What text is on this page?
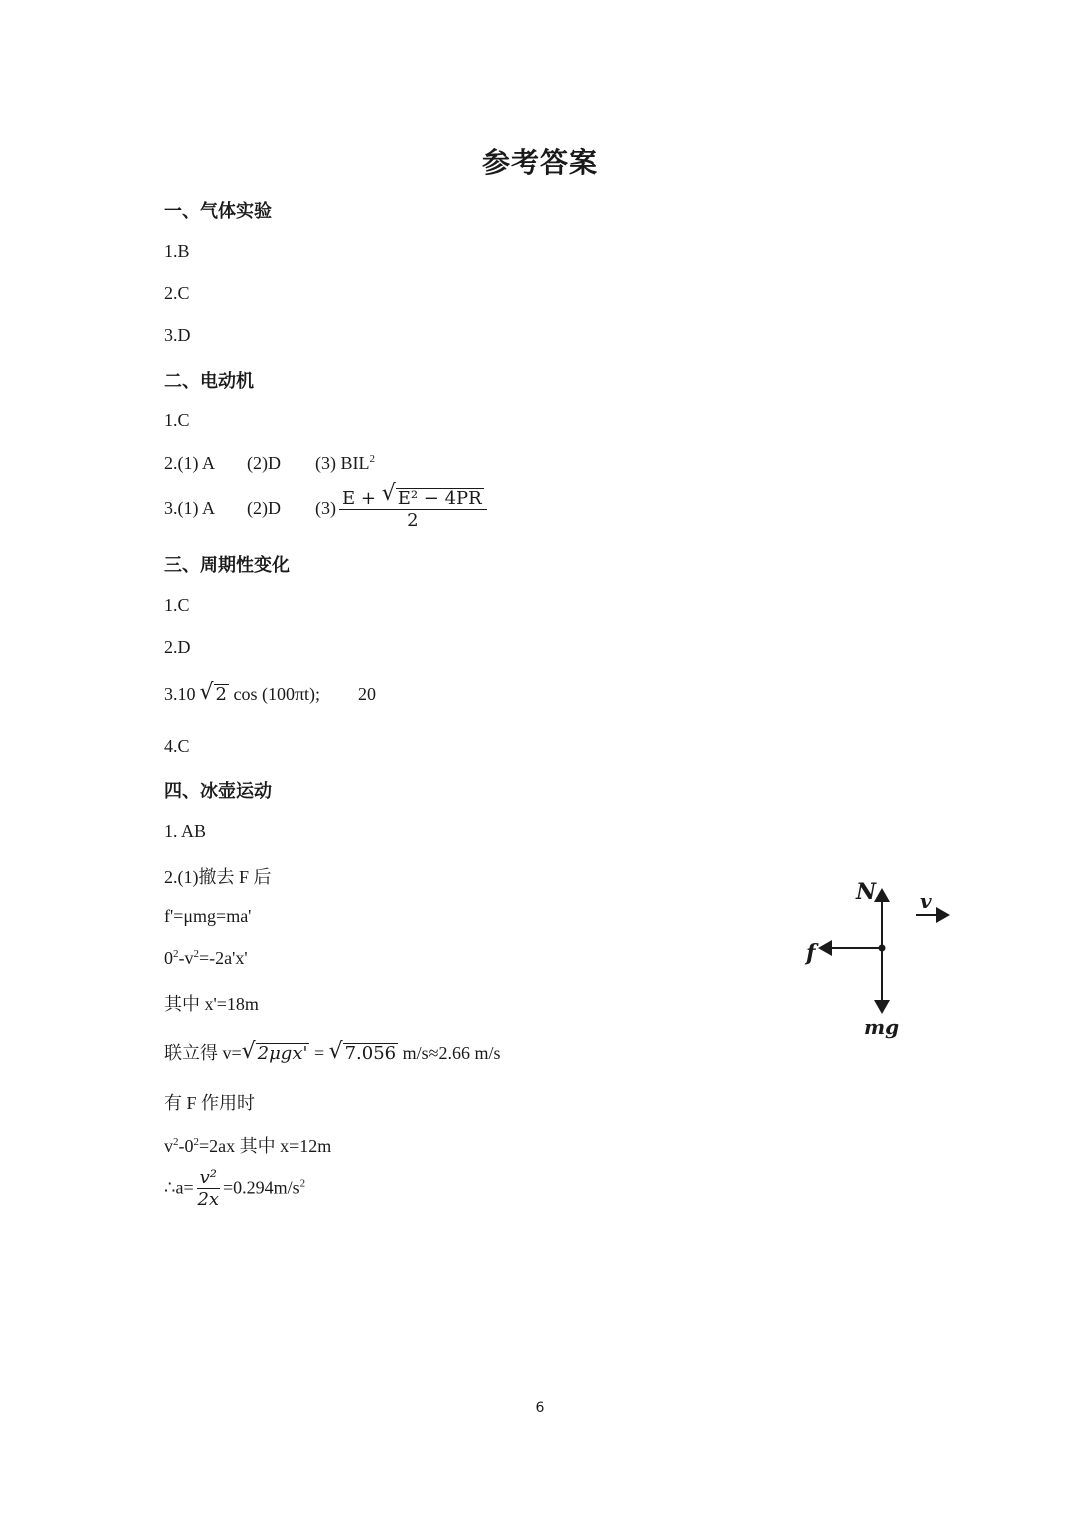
参考答案
一、气体实验
1.B
2.C
3.D
二、电动机
1.C
2.(1) A (2)D (3) BIL$^2$
3.(1) A (2)D $(3) \frac{\text{E + √ E² − 4PR}}{2}$
三、周期性变化
1.C
2.D
3.10 √ 2 cos (100πt); 20
4.C
四、冰壶运动
1. AB
2.(1)撤去 F 后
f'=μmg=ma'
$0^2-v^2=-2a'x'$
其中 x'=18m
联立得 v= √ 2μgx' = √ 7.056 m/s≈2.66 m/s
有 F 作用时
$v^2-0^2=2ax$ 其中 x=12m
∴a= $\frac{\text{v²}}{2x} =0.294m/s^2$
N v
f
mg
6
